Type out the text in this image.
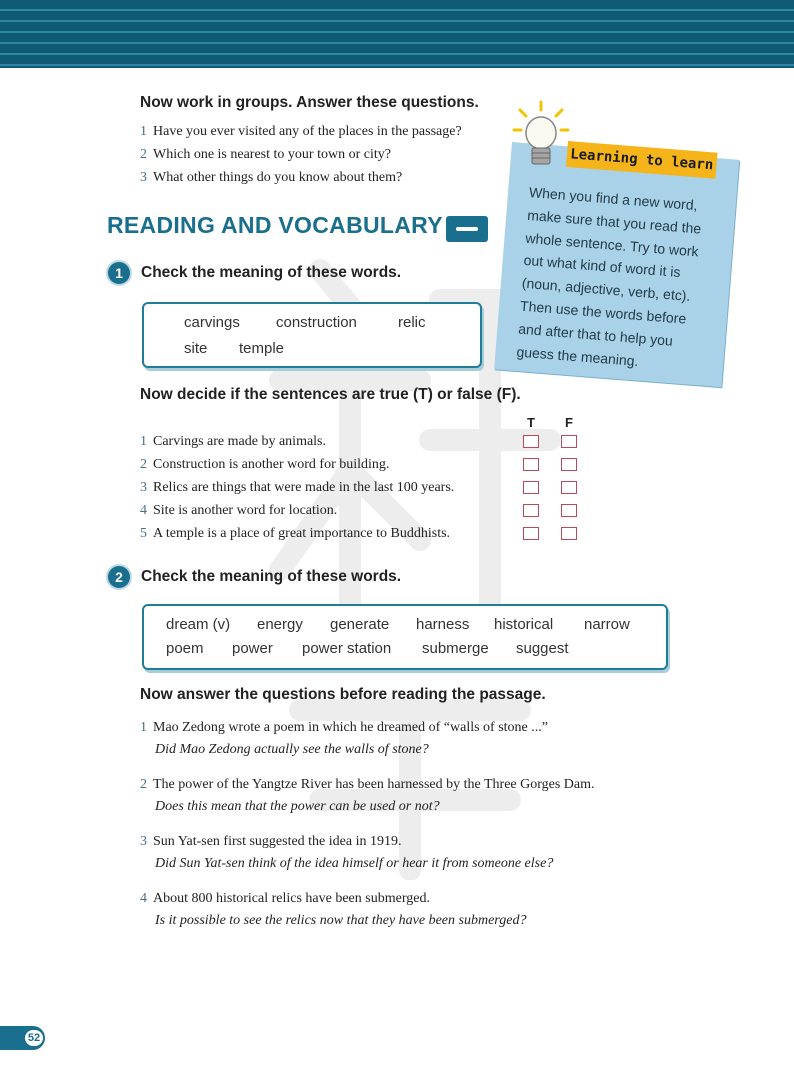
Now work in groups. Answer these questions.
1 Have you ever visited any of the places in the passage?
2 Which one is nearest to your town or city?
3 What other things do you know about them?
Learning to learn
When you find a new word,
make sure that you read the
whole sentence. Try to work
out what kind of word it is
(noun, adjective, verb, etc).
Then use the words before
and after that to help you
guess the meaning.
READING AND VOCABULARY
1	Check the meaning of these words.
carvings construction	relic
site temple
Now decide if the sentences are true (T) or false (F).
T F
1 Carvings are made by animals.
2 Construction is another word for building.
3 Relics are things that were made in the last 100 years.
4 Site is another word for location.
5 A temple is a place of great importance to Buddhists.
2	Check the meaning of these words.
dream (v) energy generate harness historical narrow
poem power power station submerge suggest
Now answer the questions before reading the passage.
1 Mao Zedong wrote a poem in which he dreamed of “walls of stone ...”
Did Mao Zedong actually see the walls of stone?
2 The power of the Yangtze River has been harnessed by the Three Gorges Dam.
Does this mean that the power can be used or not?
3 Sun Yat-sen first suggested the idea in 1919.
Did Sun Yat-sen think of the idea himself or hear it from someone else?
4 About 800 historical relics have been submerged.
Is it possible to see the relics now that they have been submerged?
52
